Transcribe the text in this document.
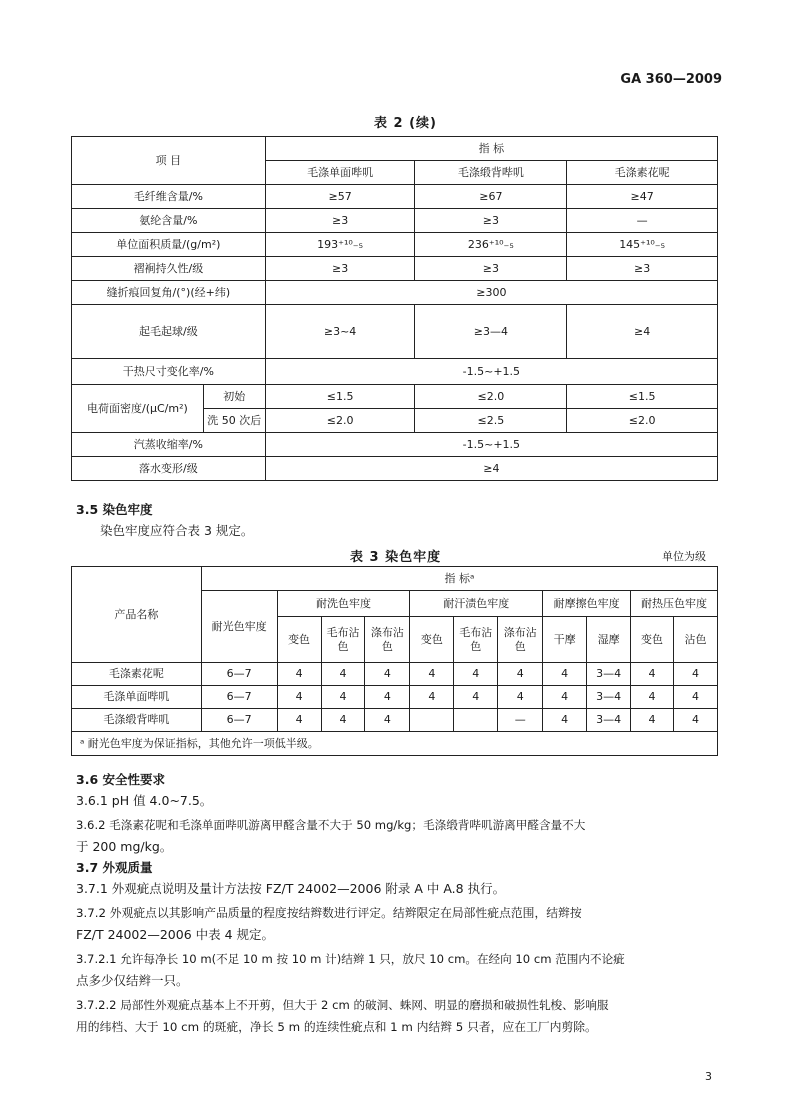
GA 360—2009
表 2 (续)
项 目		指 标		
		毛涤单面哔叽	毛涤缎背哔叽	毛涤素花呢
毛纤维含量/%		≥57	≥67	≥47
氨纶含量/%		≥3	≥3	—
单位面积质量/(g/m²)		193⁺¹⁰₋₅	236⁺¹⁰₋₅	145⁺¹⁰₋₅
褶裥持久性/级		≥3	≥3	≥3
缝折痕回复角/(°)(经+纬)		≥300		
起毛起球/级		≥3~4	≥3—4	≥4
干热尺寸变化率/%		-1.5~+1.5		
电荷面密度/(μC/m²)	初始	≤1.5	≤2.0	≤1.5
	洗 50 次后	≤2.0	≤2.5	≤2.0
汽蒸收缩率/%		-1.5~+1.5		
落水变形/级		≥4		
3.5 染色牢度
染色牢度应符合表 3 规定。
表 3 染色牢度	单位为级
产品名称	指 标ᵃ										
	耐光色牢度	耐洗色牢度			耐汗渍色牢度			耐摩擦色牢度		耐热压色牢度	
		变色	毛布沾色	涤布沾色	变色	毛布沾色	涤布沾色	干摩	湿摩	变色	沾色
毛涤素花呢	6—7	4	4	4	4	4	4	4	3—4	4	4
毛涤单面哔叽	6—7	4	4	4	4	4	4	4	3—4	4	4
毛涤缎背哔叽	6—7	4	4	4			—	4	3—4	4	4
ᵃ 耐光色牢度为保证指标，其他允许一项低半级。											
3.6 安全性要求
3.6.1 pH 值 4.0~7.5。
3.6.2 毛涤素花呢和毛涤单面哔叽游离甲醛含量不大于 50 mg/kg；毛涤缎背哔叽游离甲醛含量不大
于 200 mg/kg。
3.7 外观质量
3.7.1 外观疵点说明及量计方法按 FZ/T 24002—2006 附录 A 中 A.8 执行。
3.7.2 外观疵点以其影响产品质量的程度按结辫数进行评定。结辫限定在局部性疵点范围，结辫按
FZ/T 24002—2006 中表 4 规定。
3.7.2.1 允许每净长 10 m(不足 10 m 按 10 m 计)结辫 1 只，放尺 10 cm。在经向 10 cm 范围内不论疵
点多少仅结辫一只。
3.7.2.2 局部性外观疵点基本上不开剪，但大于 2 cm 的破洞、蛛网、明显的磨损和破损性轧梭、影响服
用的纬档、大于 10 cm 的斑疵，净长 5 m 的连续性疵点和 1 m 内结辫 5 只者，应在工厂内剪除。
3
